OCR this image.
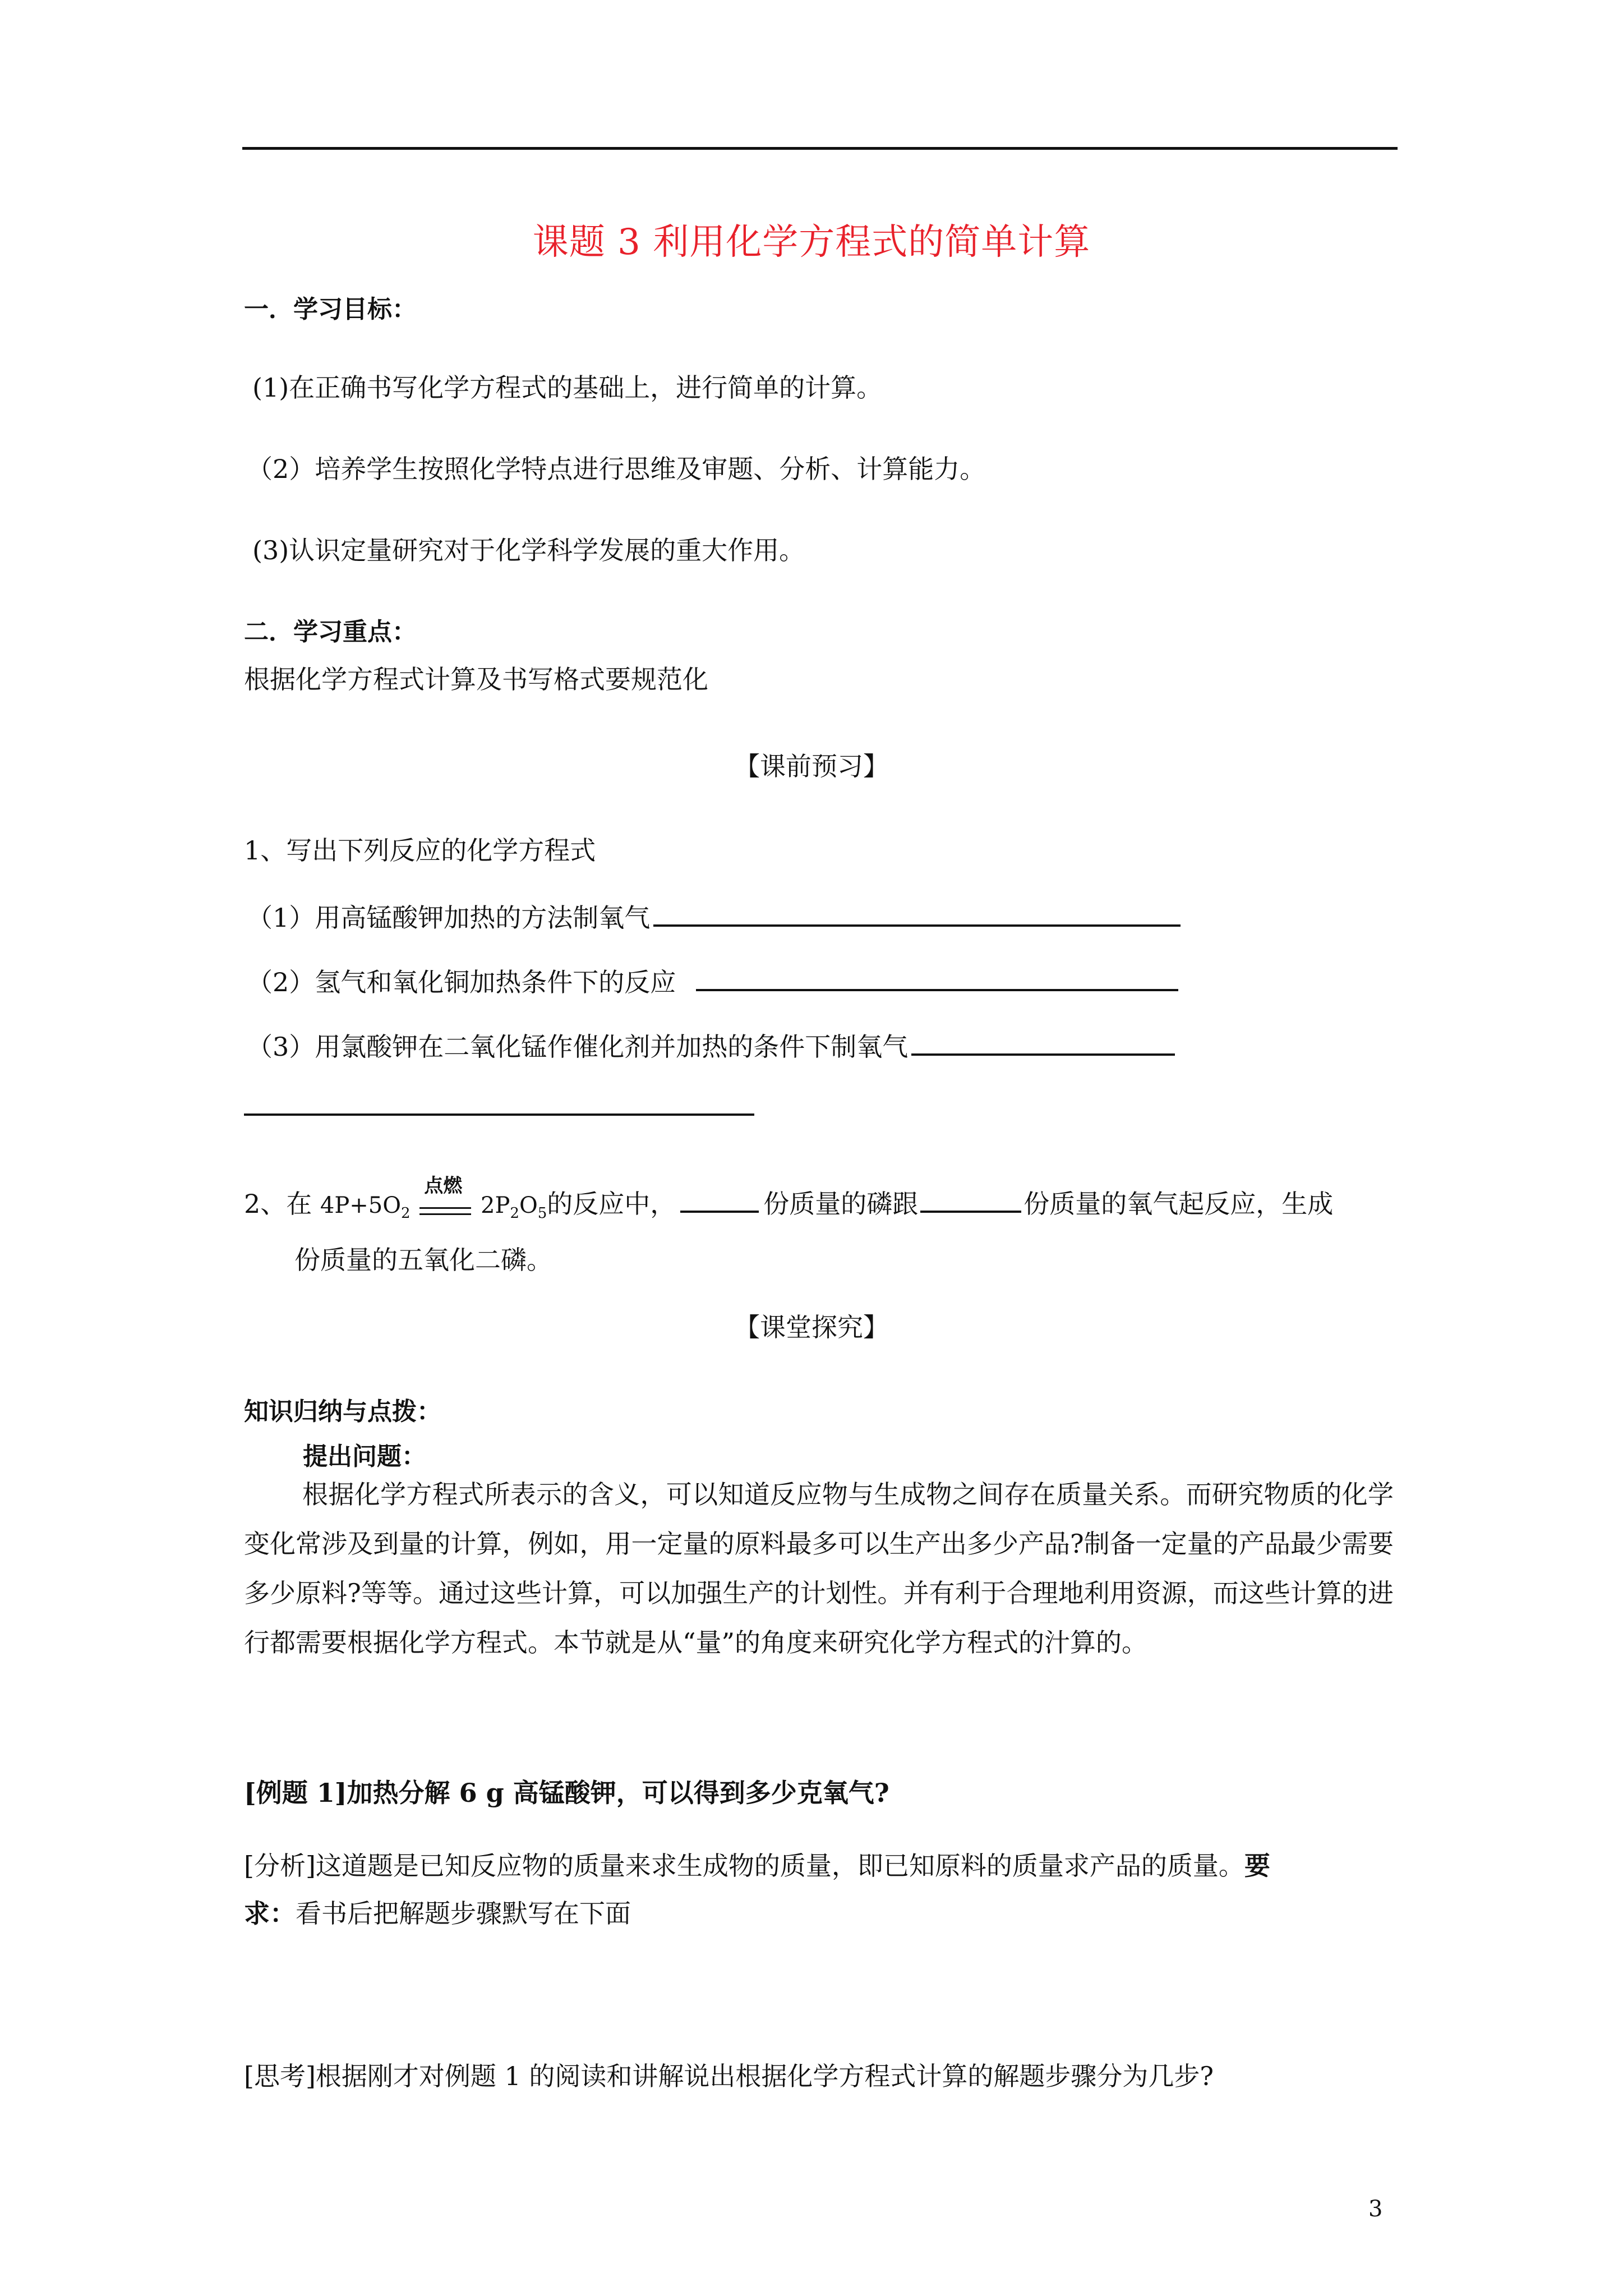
课题 3 利用化学方程式的简单计算
一．学习目标：
(1)在正确书写化学方程式的基础上，进行简单的计算。
（2）培养学生按照化学特点进行思维及审题、分析、计算能力。
(3)认识定量研究对于化学科学发展的重大作用。
二．学习重点：
根据化学方程式计算及书写格式要规范化
【课前预习】
1、写出下列反应的化学方程式
（1）用高锰酸钾加热的方法制氧气
（2）氢气和氧化铜加热条件下的反应
（3）用氯酸钾在二氧化锰作催化剂并加热的条件下制氧气
2、在 $4P+5O_2$
点燃
$2P_2O_5$的反应中，	份质量的磷跟	份质量的氧气起反应，生成
份质量的五氧化二磷。
【课堂探究】
知识归纳与点拨：
提出问题：
根据化学方程式所表示的含义，可以知道反应物与生成物之间存在质量关系。而研究物质的化学变化常涉及到量的计算，例如，用一定量的原料最多可以生产出多少产品?制备一定量的产品最少需要多少原料?等等。通过这些计算，可以加强生产的计划性。并有利于合理地利用资源，而这些计算的进行都需要根据化学方程式。本节就是从“量”的角度来研究化学方程式的汁算的。
[例题 1]加热分解 6 g 高锰酸钾，可以得到多少克氧气?
[分析]这道题是已知反应物的质量来求生成物的质量，即已知原料的质量求产品的质量。要
求：看书后把解题步骤默写在下面
[思考]根据刚才对例题 1 的阅读和讲解说出根据化学方程式计算的解题步骤分为几步?
3
